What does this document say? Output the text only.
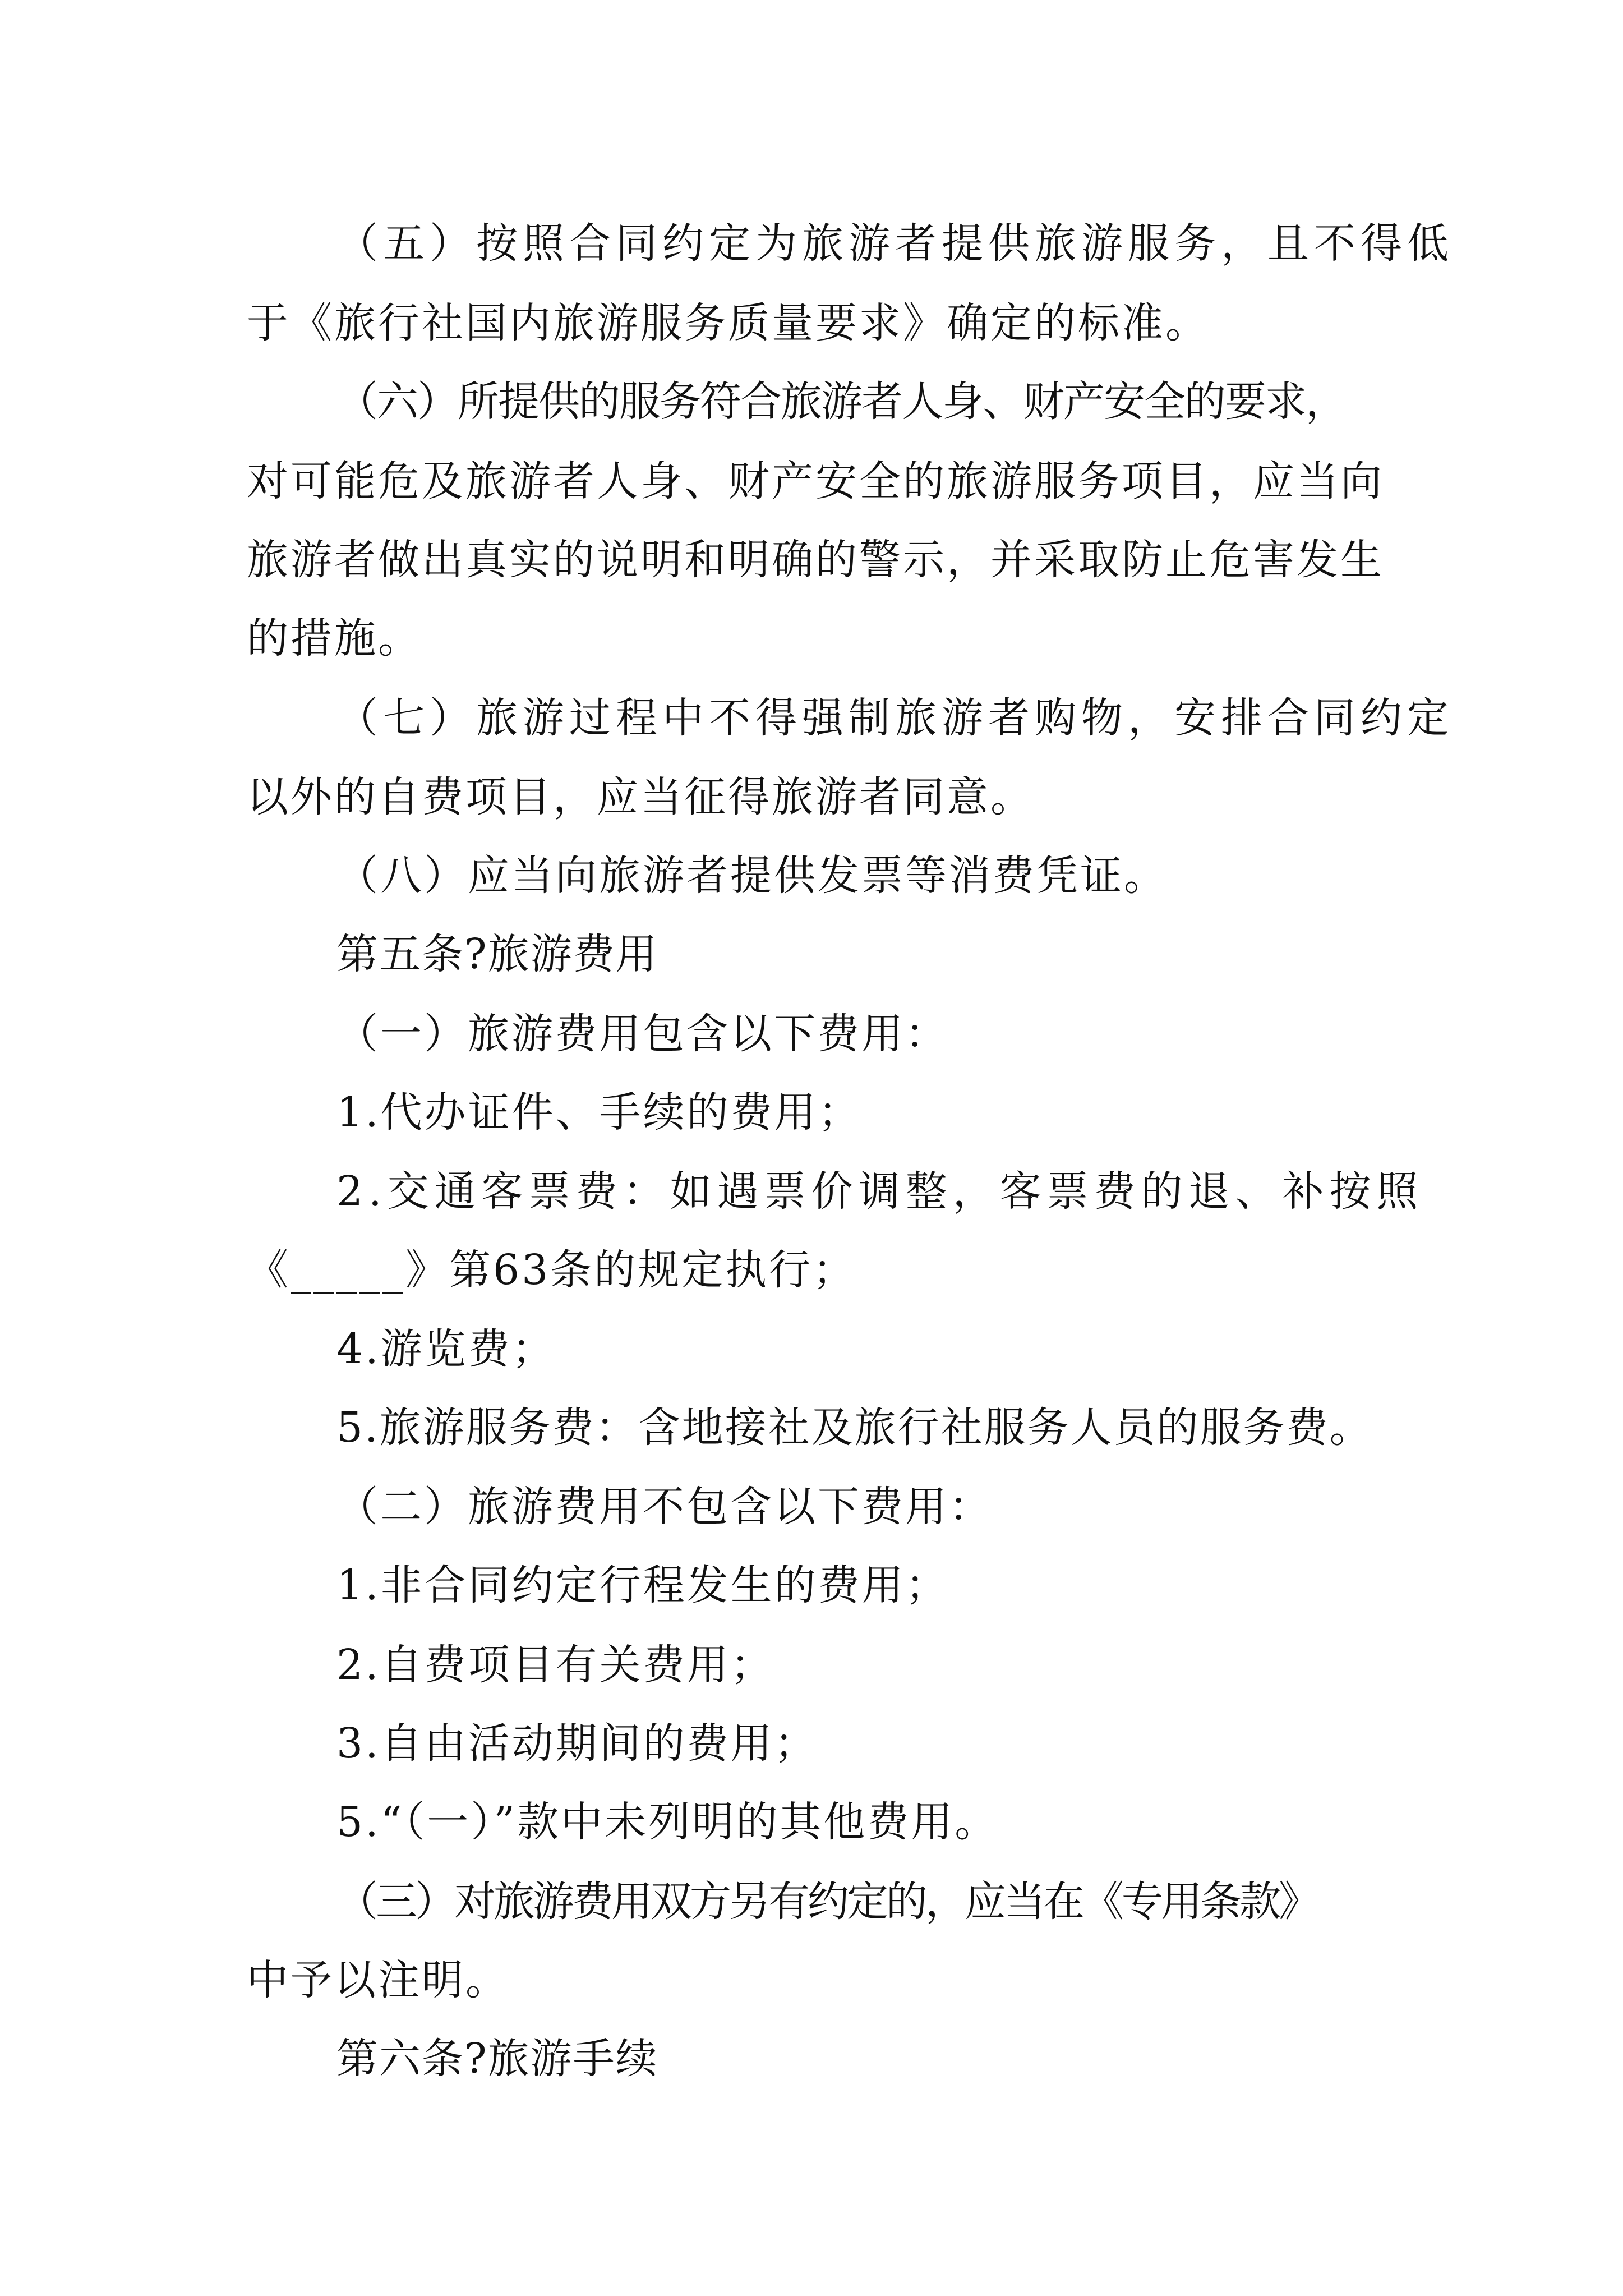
（五）按照合同约定为旅游者提供旅游服务，且不得低
于《旅行社国内旅游服务质量要求》确定的标准。
（六）所提供的服务符合旅游者人身、财产安全的要求，
对可能危及旅游者人身、财产安全的旅游服务项目，应当向
旅游者做出真实的说明和明确的警示，并采取防止危害发生
的措施。
（七）旅游过程中不得强制旅游者购物，安排合同约定
以外的自费项目，应当征得旅游者同意。
（八）应当向旅游者提供发票等消费凭证。
第五条?旅游费用
（一）旅游费用包含以下费用：
1.代办证件、手续的费用；
2.交通客票费：如遇票价调整，客票费的退、补按照
《_____》第63条的规定执行；
4.游览费；
5.旅游服务费：含地接社及旅行社服务人员的服务费。
（二）旅游费用不包含以下费用：
1.非合同约定行程发生的费用；
2.自费项目有关费用；
3.自由活动期间的费用；
5.“（一）”款中未列明的其他费用。
（三）对旅游费用双方另有约定的，应当在《专用条款》
中予以注明。
第六条?旅游手续
